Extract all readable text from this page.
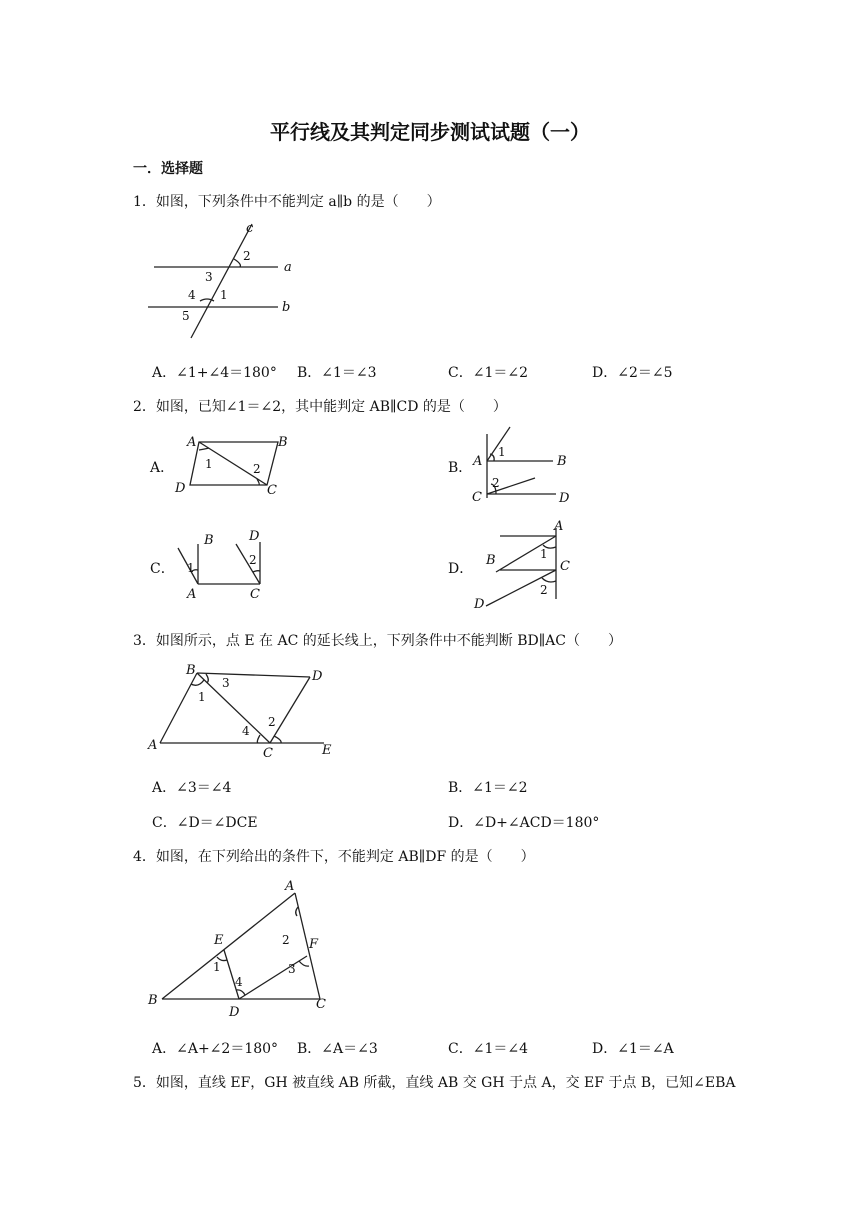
平行线及其判定同步测试试题（一）
一．选择题
1．如图，下列条件中不能判定 a∥b 的是（　　）
c
a
b
2
3
1
4
5
A．∠1+∠4＝180° B．∠1＝∠3	C．∠1＝∠2	D．∠2＝∠5
2．如图，已知∠1＝∠2，其中能判定 AB∥CD 的是（　　）
A．
A	B
C
D
1	2	B． A	B
C	D
1
2
C．
B
A	C
D
1
2
D．
A
B	C
D
1
2
3．如图所示，点 E 在 AC 的延长线上，下列条件中不能判断 BD∥AC（　　）
B	D
A
C	E
1
3
4
2
A．∠3＝∠4	B．∠1＝∠2
C．∠D＝∠DCE	D．∠D+∠ACD＝180°
4．如图，在下列给出的条件下，不能判定 AB∥DF 的是（　　）
A
E	F
B
D
C
1
4
2
3
A．∠A+∠2＝180° B．∠A＝∠3	C．∠1＝∠4	D．∠1＝∠A
5．如图，直线 EF，GH 被直线 AB 所截，直线 AB 交 GH 于点 A，交 EF 于点 B，已知∠EBA
